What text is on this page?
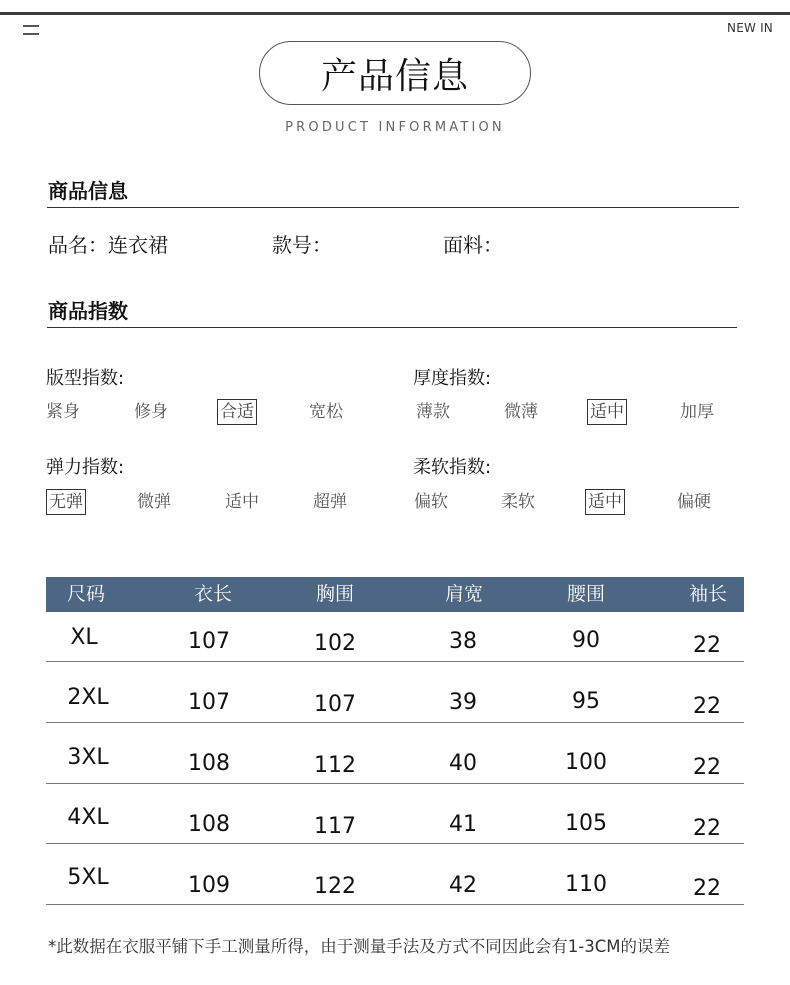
NEW IN
产品信息
PRODUCT INFORMATION
商品信息
品名：连衣裙	款号：	面料：
商品指数
版型指数:
紧身	修身	合适	宽松
厚度指数:
薄款	微薄	适中	加厚
弹力指数:
无弹	微弹	适中	超弹
柔软指数:
偏软	柔软	适中	偏硬
尺码	衣长	胸围	肩宽	腰围	袖长
XL	107	102	38	90	22
2XL	107	107	39	95	22
3XL	108	112	40	100	22
4XL	108	117	41	105	22
5XL	109	122	42	110	22
*此数据在衣服平铺下手工测量所得，由于测量手法及方式不同因此会有1-3CM的误差
